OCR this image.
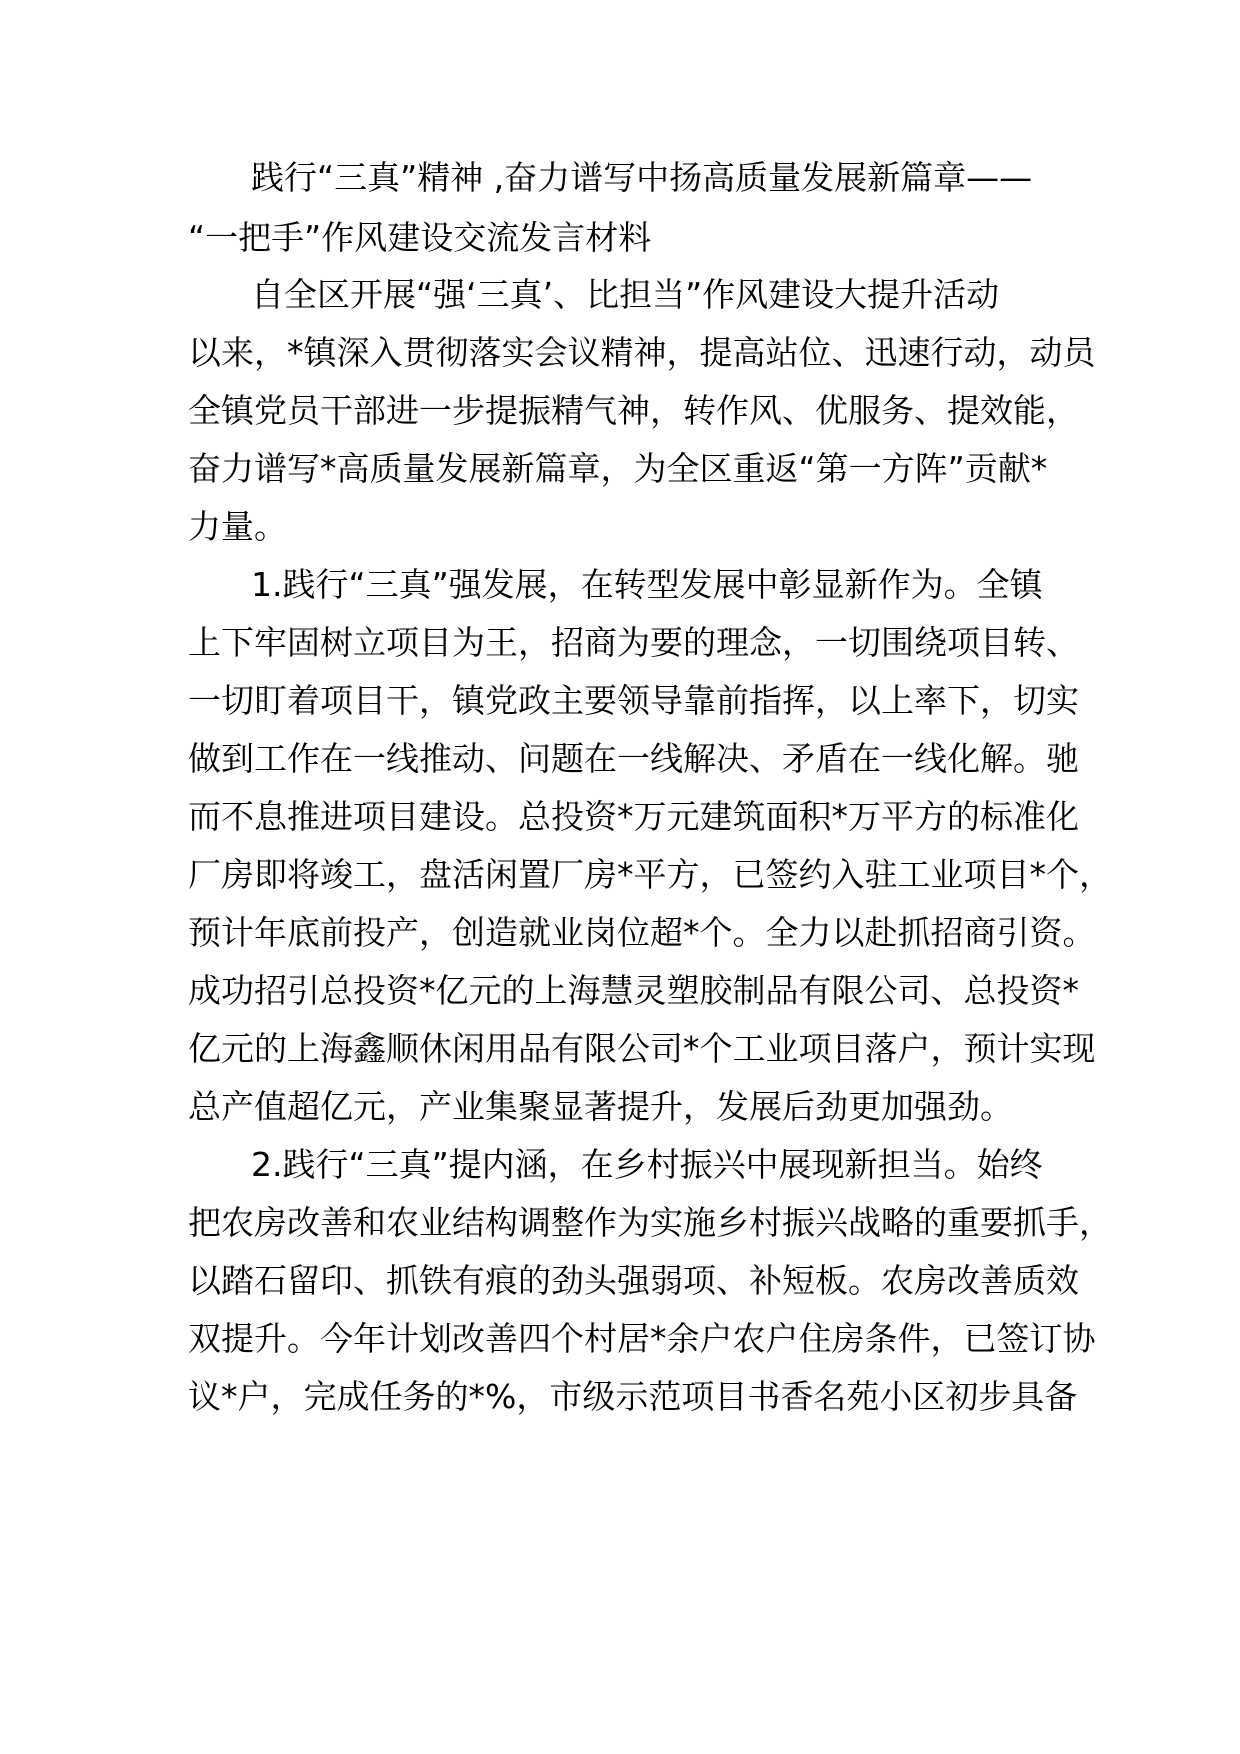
践行“三真”精神 ,奋力谱写中扬高质量发展新篇章——
“一把手”作风建设交流发言材料
自全区开展“强‘三真’、比担当”作风建设大提升活动
以来，*镇深入贯彻落实会议精神，提高站位、迅速行动，动员
全镇党员干部进一步提振精气神，转作风、优服务、提效能，
奋力谱写*高质量发展新篇章，为全区重返“第一方阵”贡献*
力量。
1.践行“三真”强发展，在转型发展中彰显新作为。全镇
上下牢固树立项目为王，招商为要的理念，一切围绕项目转、
一切盯着项目干，镇党政主要领导靠前指挥，以上率下，切实
做到工作在一线推动、问题在一线解决、矛盾在一线化解。驰
而不息推进项目建设。总投资*万元建筑面积*万平方的标准化
厂房即将竣工，盘活闲置厂房*平方，已签约入驻工业项目*个，
预计年底前投产，创造就业岗位超*个。全力以赴抓招商引资。
成功招引总投资*亿元的上海慧灵塑胶制品有限公司、总投资*
亿元的上海鑫顺休闲用品有限公司*个工业项目落户，预计实现
总产值超亿元，产业集聚显著提升，发展后劲更加强劲。
2.践行“三真”提内涵，在乡村振兴中展现新担当。始终
把农房改善和农业结构调整作为实施乡村振兴战略的重要抓手，
以踏石留印、抓铁有痕的劲头强弱项、补短板。农房改善质效
双提升。今年计划改善四个村居*余户农户住房条件，已签订协
议*户，完成任务的*%，市级示范项目书香名苑小区初步具备
